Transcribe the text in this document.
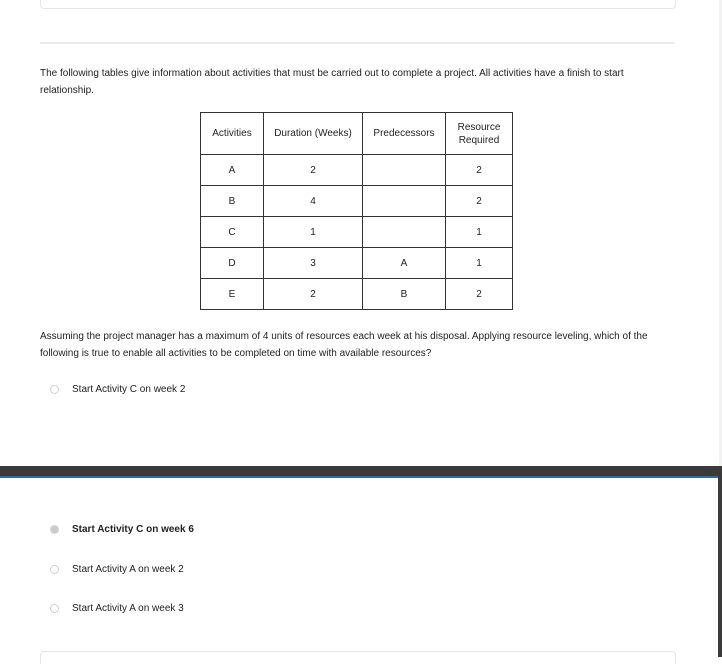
The following tables give information about activities that must be carried out to complete a project. All activities have a finish to start relationship.
Activities	Duration (Weeks)	Predecessors	Resource Required
A	2		2
B	4		2
C	1		1
D	3	A	1
E	2	B	2
Assuming the project manager has a maximum of 4 units of resources each week at his disposal. Applying resource leveling, which of the following is true to enable all activities to be completed on time with available resources?
Start Activity C on week 2
Start Activity C on week 6
Start Activity A on week 2
Start Activity A on week 3
